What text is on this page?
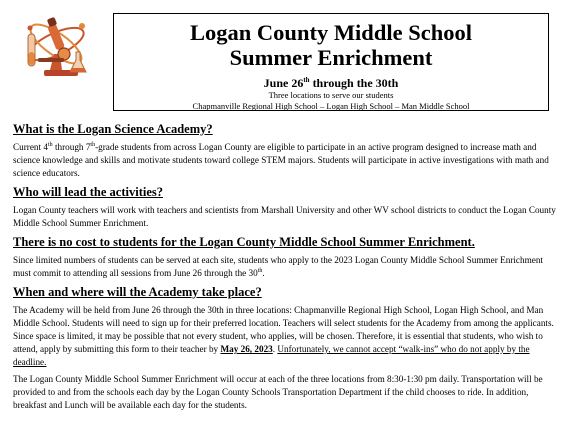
Logan County Middle School
Summer Enrichment
June 26th through the 30th
Three locations to serve our students
Chapmanville Regional High School – Logan High School – Man Middle School
What is the Logan Science Academy?

Current 4th through 7th-grade students from across Logan County are eligible to participate in an active program designed to increase math and science knowledge and skills and motivate students toward college STEM majors. Students will participate in active investigations with math and science educators.

Who will lead the activities?

Logan County teachers will work with teachers and scientists from Marshall University and other WV school districts to conduct the Logan County Middle School Summer Enrichment.

There is no cost to students for the Logan County Middle School Summer Enrichment.

Since limited numbers of students can be served at each site, students who apply to the 2023 Logan County Middle School Summer Enrichment must commit to attending all sessions from June 26 through the 30th.

When and where will the Academy take place?

The Academy will be held from June 26 through the 30th in three locations: Chapmanville Regional High School, Logan High School, and Man Middle School. Students will need to sign up for their preferred location. Teachers will select students for the Academy from among the applicants. Since space is limited, it may be possible that not every student, who applies, will be chosen. Therefore, it is essential that students, who wish to attend, apply by submitting this form to their teacher by May 26, 2023. Unfortunately, we cannot accept “walk-ins” who do not apply by the deadline.

The Logan County Middle School Summer Enrichment will occur at each of the three locations from 8:30-1:30 pm daily. Transportation will be provided to and from the schools each day by the Logan County Schools Transportation Department if the child chooses to ride. In addition, breakfast and Lunch will be available each day for the students.
